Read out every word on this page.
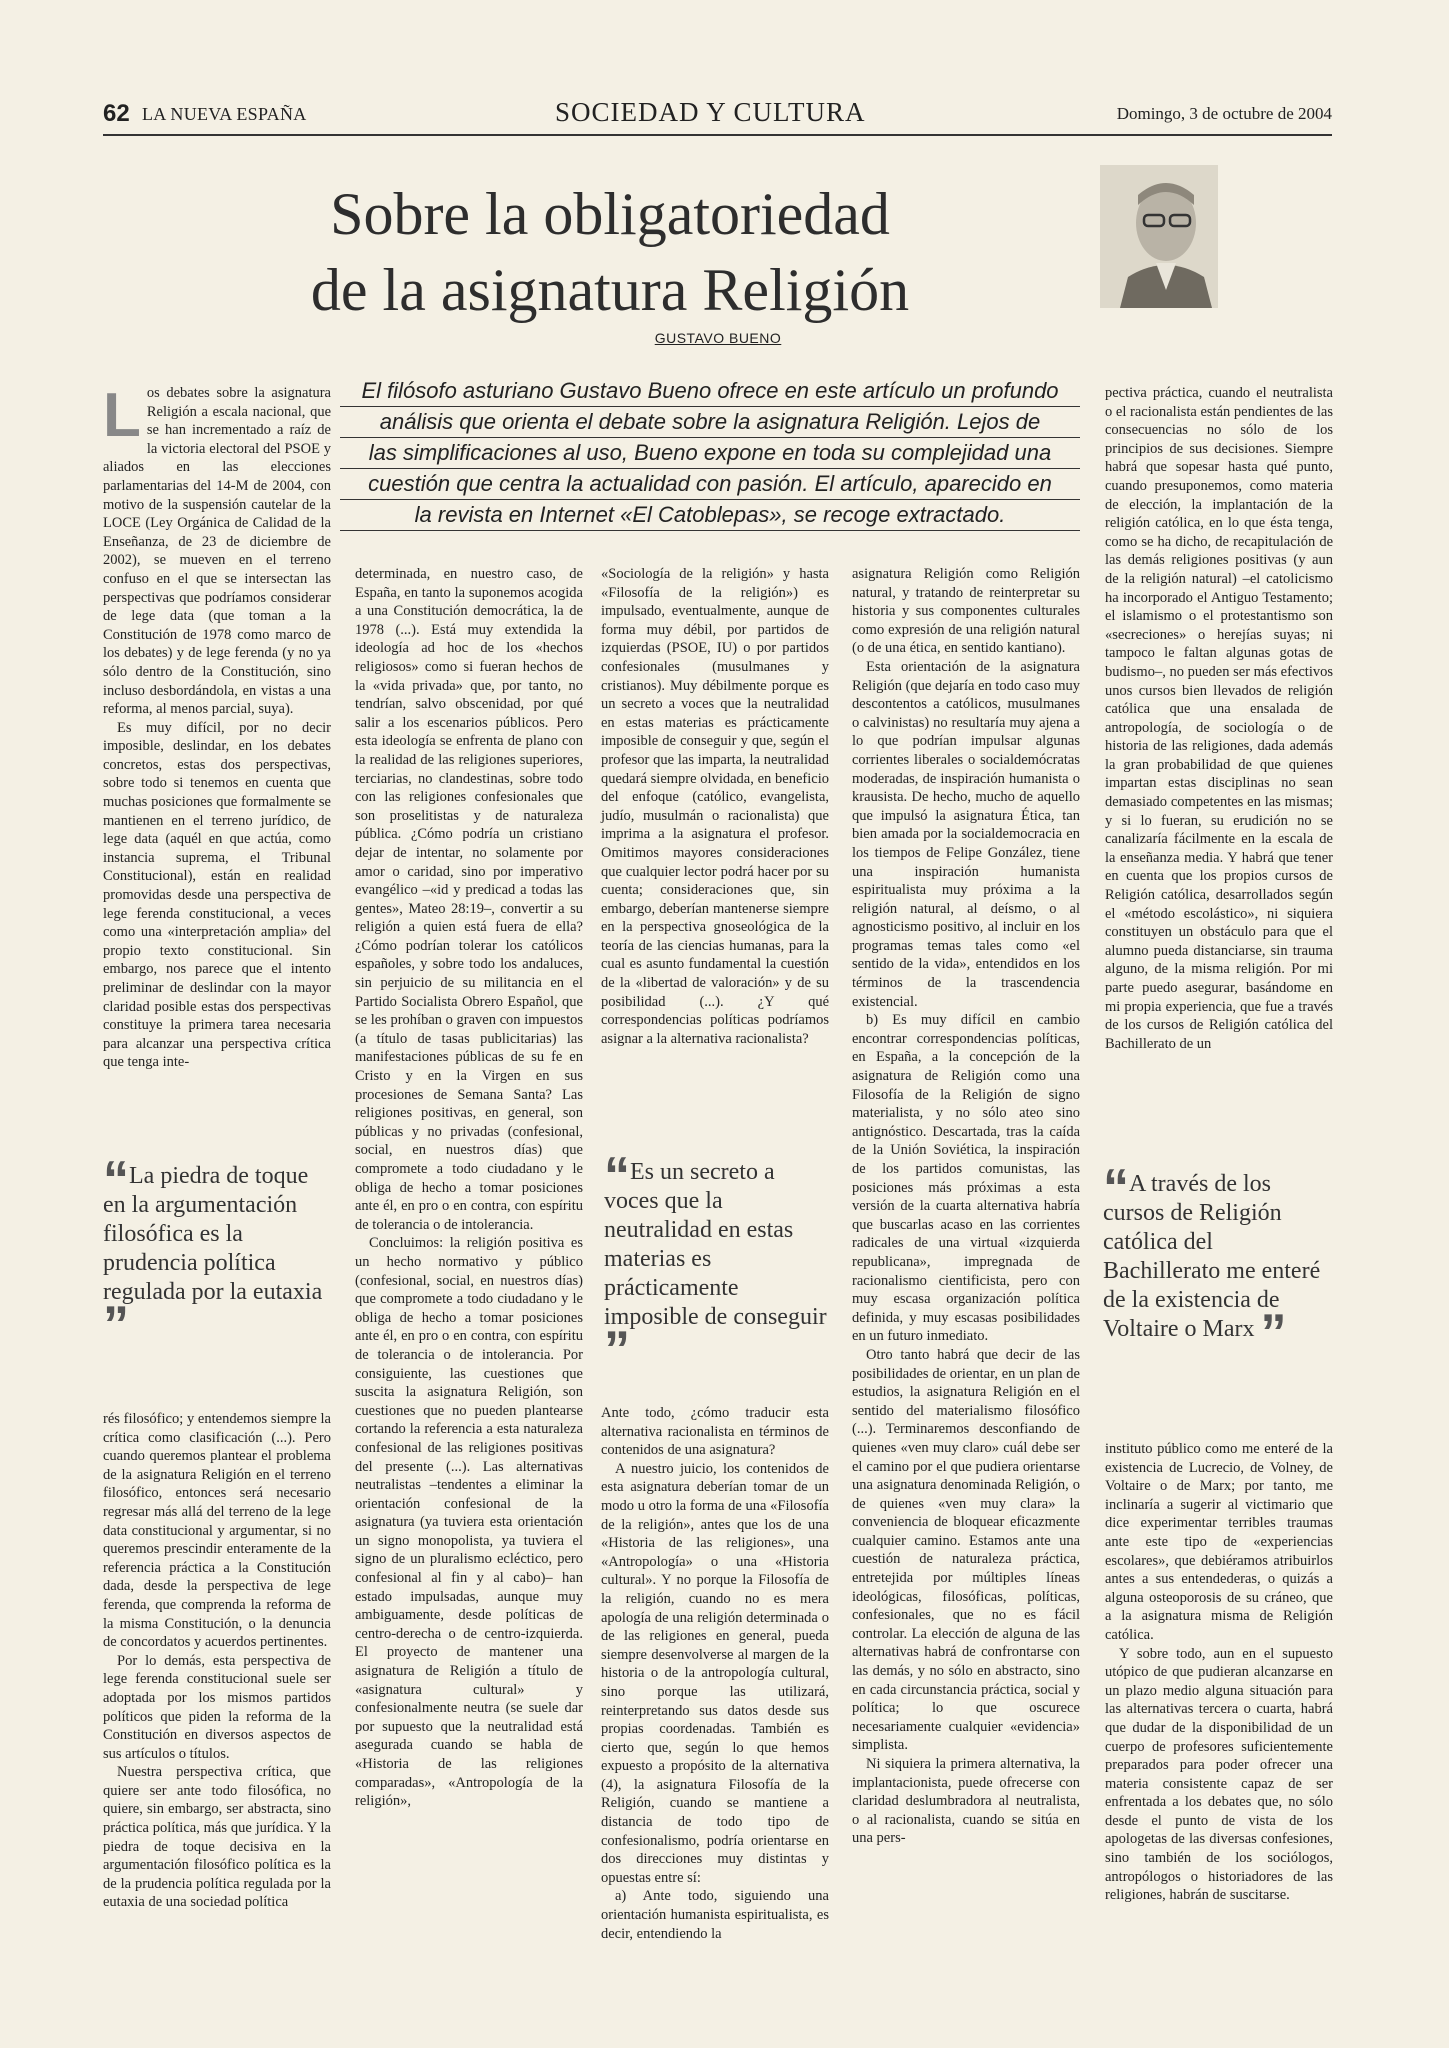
62 LA NUEVA ESPAÑA	SOCIEDAD Y CULTURA	Domingo, 3 de octubre de 2004
Sobre la obligatoriedad
de la asignatura Religión
GUSTAVO BUENO
El filósofo asturiano Gustavo Bueno ofrece en este artículo un profundo
análisis que orienta el debate sobre la asignatura Religión. Lejos de
las simplificaciones al uso, Bueno expone en toda su complejidad una
cuestión que centra la actualidad con pasión. El artículo, aparecido en
la revista en Internet «El Catoblepas», se recoge extractado.
L os debates sobre la asignatura Religión a escala nacional, que se han incrementado a raíz de la victoria electoral del PSOE y aliados en las elecciones parlamentarias del 14-M de 2004, con motivo de la suspensión cautelar de la LOCE (Ley Orgánica de Calidad de la Enseñanza, de 23 de diciembre de 2002), se mueven en el terreno confuso en el que se intersectan las perspectivas que podríamos considerar de lege data (que toman a la Constitución de 1978 como marco de los debates) y de lege ferenda (y no ya sólo dentro de la Constitución, sino incluso desbordándola, en vistas a una reforma, al menos parcial, suya).

Es muy difícil, por no decir imposible, deslindar, en los debates concretos, estas dos perspectivas, sobre todo si tenemos en cuenta que muchas posiciones que formalmente se mantienen en el terreno jurídico, de lege data (aquél en que actúa, como instancia suprema, el Tribunal Constitucional), están en realidad promovidas desde una perspectiva de lege ferenda constitucional, a veces como una «interpretación amplia» del propio texto constitucional. Sin embargo, nos parece que el intento preliminar de deslindar con la mayor claridad posible estas dos perspectivas constituye la primera tarea necesaria para alcanzar una perspectiva crítica que tenga inte-

“La piedra de toque en la argumentación filosófica es la prudencia política regulada por la eutaxia ”

rés filosófico; y entendemos siempre la crítica como clasificación (...). Pero cuando queremos plantear el problema de la asignatura Religión en el terreno filosófico, entonces será necesario regresar más allá del terreno de la lege data constitucional y argumentar, si no queremos prescindir enteramente de la referencia práctica a la Constitución dada, desde la perspectiva de lege ferenda, que comprenda la reforma de la misma Constitución, o la denuncia de concordatos y acuerdos pertinentes.

Por lo demás, esta perspectiva de lege ferenda constitucional suele ser adoptada por los mismos partidos políticos que piden la reforma de la Constitución en diversos aspectos de sus artículos o títulos.

Nuestra perspectiva crítica, que quiere ser ante todo filosófica, no quiere, sin embargo, ser abstracta, sino práctica política, más que jurídica. Y la piedra de toque decisiva en la argumentación filosófico política es la de la prudencia política regulada por la eutaxia de una sociedad política

determinada, en nuestro caso, de España, en tanto la suponemos acogida a una Constitución democrática, la de 1978 (...). Está muy extendida la ideología ad hoc de los «hechos religiosos» como si fueran hechos de la «vida privada» que, por tanto, no tendrían, salvo obscenidad, por qué salir a los escenarios públicos. Pero esta ideología se enfrenta de plano con la realidad de las religiones superiores, terciarias, no clandestinas, sobre todo con las religiones confesionales que son proselitistas y de naturaleza pública. ¿Cómo podría un cristiano dejar de intentar, no solamente por amor o caridad, sino por imperativo evangélico –«id y predicad a todas las gentes», Mateo 28:19–, convertir a su religión a quien está fuera de ella? ¿Cómo podrían tolerar los católicos españoles, y sobre todo los andaluces, sin perjuicio de su militancia en el Partido Socialista Obrero Español, que se les prohíban o graven con impuestos (a título de tasas publicitarias) las manifestaciones públicas de su fe en Cristo y en la Virgen en sus procesiones de Semana Santa? Las religiones positivas, en general, son públicas y no privadas (confesional, social, en nuestros días) que compromete a todo ciudadano y le obliga de hecho a tomar posiciones ante él, en pro o en contra, con espíritu de tolerancia o de intolerancia.

Concluimos: la religión positiva es un hecho normativo y público (confesional, social, en nuestros días) que compromete a todo ciudadano y le obliga de hecho a tomar posiciones ante él, en pro o en contra, con espíritu de tolerancia o de intolerancia. Por consiguiente, las cuestiones que suscita la asignatura Religión, son cuestiones que no pueden plantearse cortando la referencia a esta naturaleza confesional de las religiones positivas del presente (...). Las alternativas neutralistas –tendentes a eliminar la orientación confesional de la asignatura (ya tuviera esta orientación un signo monopolista, ya tuviera el signo de un pluralismo ecléctico, pero confesional al fin y al cabo)– han estado impulsadas, aunque muy ambiguamente, desde políticas de centro-derecha o de centro-izquierda. El proyecto de mantener una asignatura de Religión a título de «asignatura cultural» y confesionalmente neutra (se suele dar por supuesto que la neutralidad está asegurada cuando se habla de «Historia de las religiones comparadas», «Antropología de la religión»,

«Sociología de la religión» y hasta «Filosofía de la religión») es impulsado, eventualmente, aunque de forma muy débil, por partidos de izquierdas (PSOE, IU) o por partidos confesionales (musulmanes y cristianos). Muy débilmente porque es un secreto a voces que la neutralidad en estas materias es prácticamente imposible de conseguir y que, según el profesor que las imparta, la neutralidad quedará siempre olvidada, en beneficio del enfoque (católico, evangelista, judío, musulmán o racionalista) que imprima a la asignatura el profesor. Omitimos mayores consideraciones que cualquier lector podrá hacer por su cuenta; consideraciones que, sin embargo, deberían mantenerse siempre en la perspectiva gnoseológica de la teoría de las ciencias humanas, para la cual es asunto fundamental la cuestión de la «libertad de valoración» y de su posibilidad (...). ¿Y qué correspondencias políticas podríamos asignar a la alternativa racionalista?

“Es un secreto a voces que la neutralidad en estas materias es prácticamente imposible de conseguir ”

Ante todo, ¿cómo traducir esta alternativa racionalista en términos de contenidos de una asignatura?

A nuestro juicio, los contenidos de esta asignatura deberían tomar de un modo u otro la forma de una «Filosofía de la religión», antes que los de una «Historia de las religiones», una «Antropología» o una «Historia cultural». Y no porque la Filosofía de la religión, cuando no es mera apología de una religión determinada o de las religiones en general, pueda siempre desenvolverse al margen de la historia o de la antropología cultural, sino porque las utilizará, reinterpretando sus datos desde sus propias coordenadas. También es cierto que, según lo que hemos expuesto a propósito de la alternativa (4), la asignatura Filosofía de la Religión, cuando se mantiene a distancia de todo tipo de confesionalismo, podría orientarse en dos direcciones muy distintas y opuestas entre sí:

a) Ante todo, siguiendo una orientación humanista espiritualista, es decir, entendiendo la

asignatura Religión como Religión natural, y tratando de reinterpretar su historia y sus componentes culturales como expresión de una religión natural (o de una ética, en sentido kantiano).

Esta orientación de la asignatura Religión (que dejaría en todo caso muy descontentos a católicos, musulmanes o calvinistas) no resultaría muy ajena a lo que podrían impulsar algunas corrientes liberales o socialdemócratas moderadas, de inspiración humanista o krausista. De hecho, mucho de aquello que impulsó la asignatura Ética, tan bien amada por la socialdemocracia en los tiempos de Felipe González, tiene una inspiración humanista espiritualista muy próxima a la religión natural, al deísmo, o al agnosticismo positivo, al incluir en los programas temas tales como «el sentido de la vida», entendidos en los términos de la trascendencia existencial.

b) Es muy difícil en cambio encontrar correspondencias políticas, en España, a la concepción de la asignatura de Religión como una Filosofía de la Religión de signo materialista, y no sólo ateo sino antignóstico. Descartada, tras la caída de la Unión Soviética, la inspiración de los partidos comunistas, las posiciones más próximas a esta versión de la cuarta alternativa habría que buscarlas acaso en las corrientes radicales de una virtual «izquierda republicana», impregnada de racionalismo cientificista, pero con muy escasa organización política definida, y muy escasas posibilidades en un futuro inmediato.

Otro tanto habrá que decir de las posibilidades de orientar, en un plan de estudios, la asignatura Religión en el sentido del materialismo filosófico (...). Terminaremos desconfiando de quienes «ven muy claro» cuál debe ser el camino por el que pudiera orientarse una asignatura denominada Religión, o de quienes «ven muy clara» la conveniencia de bloquear eficazmente cualquier camino. Estamos ante una cuestión de naturaleza práctica, entretejida por múltiples líneas ideológicas, filosóficas, políticas, confesionales, que no es fácil controlar. La elección de alguna de las alternativas habrá de confrontarse con las demás, y no sólo en abstracto, sino en cada circunstancia práctica, social y política; lo que oscurece necesariamente cualquier «evidencia» simplista.

Ni siquiera la primera alternativa, la implantacionista, puede ofrecerse con claridad deslumbradora al neutralista, o al racionalista, cuando se sitúa en una pers-

pectiva práctica, cuando el neutralista o el racionalista están pendientes de las consecuencias no sólo de los principios de sus decisiones. Siempre habrá que sopesar hasta qué punto, cuando presuponemos, como materia de elección, la implantación de la religión católica, en lo que ésta tenga, como se ha dicho, de recapitulación de las demás religiones positivas (y aun de la religión natural) –el catolicismo ha incorporado el Antiguo Testamento; el islamismo o el protestantismo son «secreciones» o herejías suyas; ni tampoco le faltan algunas gotas de budismo–, no pueden ser más efectivos unos cursos bien llevados de religión católica que una ensalada de antropología, de sociología o de historia de las religiones, dada además la gran probabilidad de que quienes impartan estas disciplinas no sean demasiado competentes en las mismas; y si lo fueran, su erudición no se canalizaría fácilmente en la escala de la enseñanza media. Y habrá que tener en cuenta que los propios cursos de Religión católica, desarrollados según el «método escolástico», ni siquiera constituyen un obstáculo para que el alumno pueda distanciarse, sin trauma alguno, de la misma religión. Por mi parte puedo asegurar, basándome en mi propia experiencia, que fue a través de los cursos de Religión católica del Bachillerato de un

“A través de los cursos de Religión católica del Bachillerato me enteré de la existencia de Voltaire o Marx ”

instituto público como me enteré de la existencia de Lucrecio, de Volney, de Voltaire o de Marx; por tanto, me inclinaría a sugerir al victimario que dice experimentar terribles traumas ante este tipo de «experiencias escolares», que debiéramos atribuirlos antes a sus entendederas, o quizás a alguna osteoporosis de su cráneo, que a la asignatura misma de Religión católica.

Y sobre todo, aun en el supuesto utópico de que pudieran alcanzarse en un plazo medio alguna situación para las alternativas tercera o cuarta, habrá que dudar de la disponibilidad de un cuerpo de profesores suficientemente preparados para poder ofrecer una materia consistente capaz de ser enfrentada a los debates que, no sólo desde el punto de vista de los apologetas de las diversas confesiones, sino también de los sociólogos, antropólogos o historiadores de las religiones, habrán de suscitarse.
